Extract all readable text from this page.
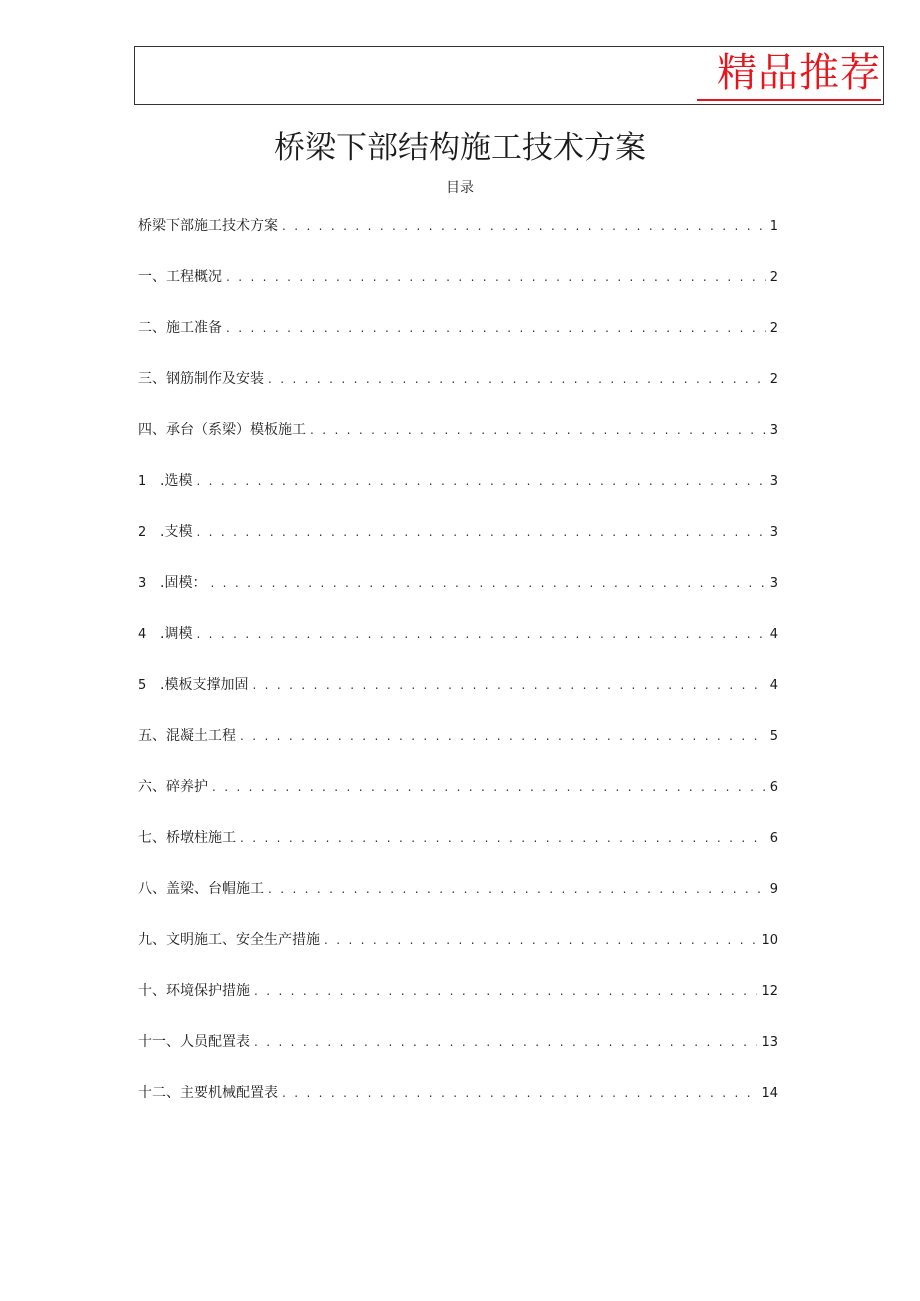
精品推荐
桥梁下部结构施工技术方案
目录
桥梁下部施工技术方案 . . .	1
一、工程概况 . . .	2
二、施工准备 . . .	2
三、钢筋制作及安装 . . .	2
四、承台（系梁）模板施工 . . .	3
1 .选模 . . .	3
2 .支模 . . .	3
3 .固模： . . .	3
4 .调模 . . .	4
5 .模板支撑加固 . . .	4
五、混凝土工程 . . .	5
六、碎养护 . . .	6
七、桥墩柱施工 . . .	6
八、盖梁、台帽施工 . . .	9
九、文明施工、安全生产措施 . . .	10
十、环境保护措施 . . .	12
十一、人员配置表 . . .	13
十二、主要机械配置表 . . .	14
